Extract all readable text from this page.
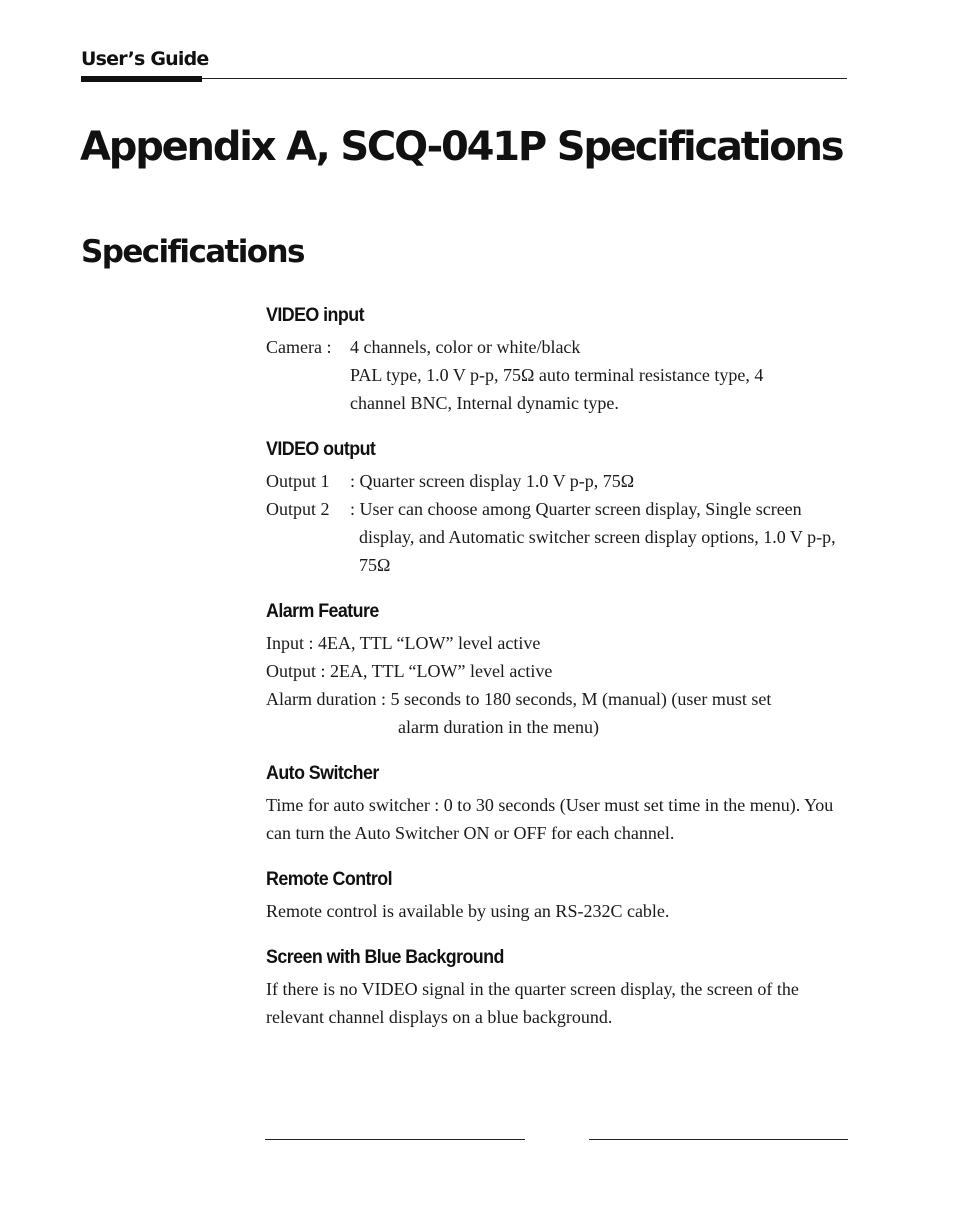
User’s Guide
Appendix A, SCQ-041P Specifications
Specifications
VIDEO input
Camera :	4 channels, color or white/black
PAL type, 1.0 V p-p, 75Ω auto terminal resistance type, 4 channel BNC, Internal dynamic type.
VIDEO output
Output 1	: Quarter screen display 1.0 V p-p, 75Ω
Output 2	: User can choose among Quarter screen display, Single screen display, and Automatic switcher screen display options, 1.0 V p-p, 75Ω
Alarm Feature

Input : 4EA, TTL “LOW” level active

Output : 2EA, TTL “LOW” level active

Alarm duration : 5 seconds to 180 seconds, M (manual) (user must set

alarm duration in the menu)

Auto Switcher

Time for auto switcher : 0 to 30 seconds (User must set time in the menu). You can turn the Auto Switcher ON or OFF for each channel.

Remote Control

Remote control is available by using an RS-232C cable.

Screen with Blue Background

If there is no VIDEO signal in the quarter screen display, the screen of the relevant channel displays on a blue background.
